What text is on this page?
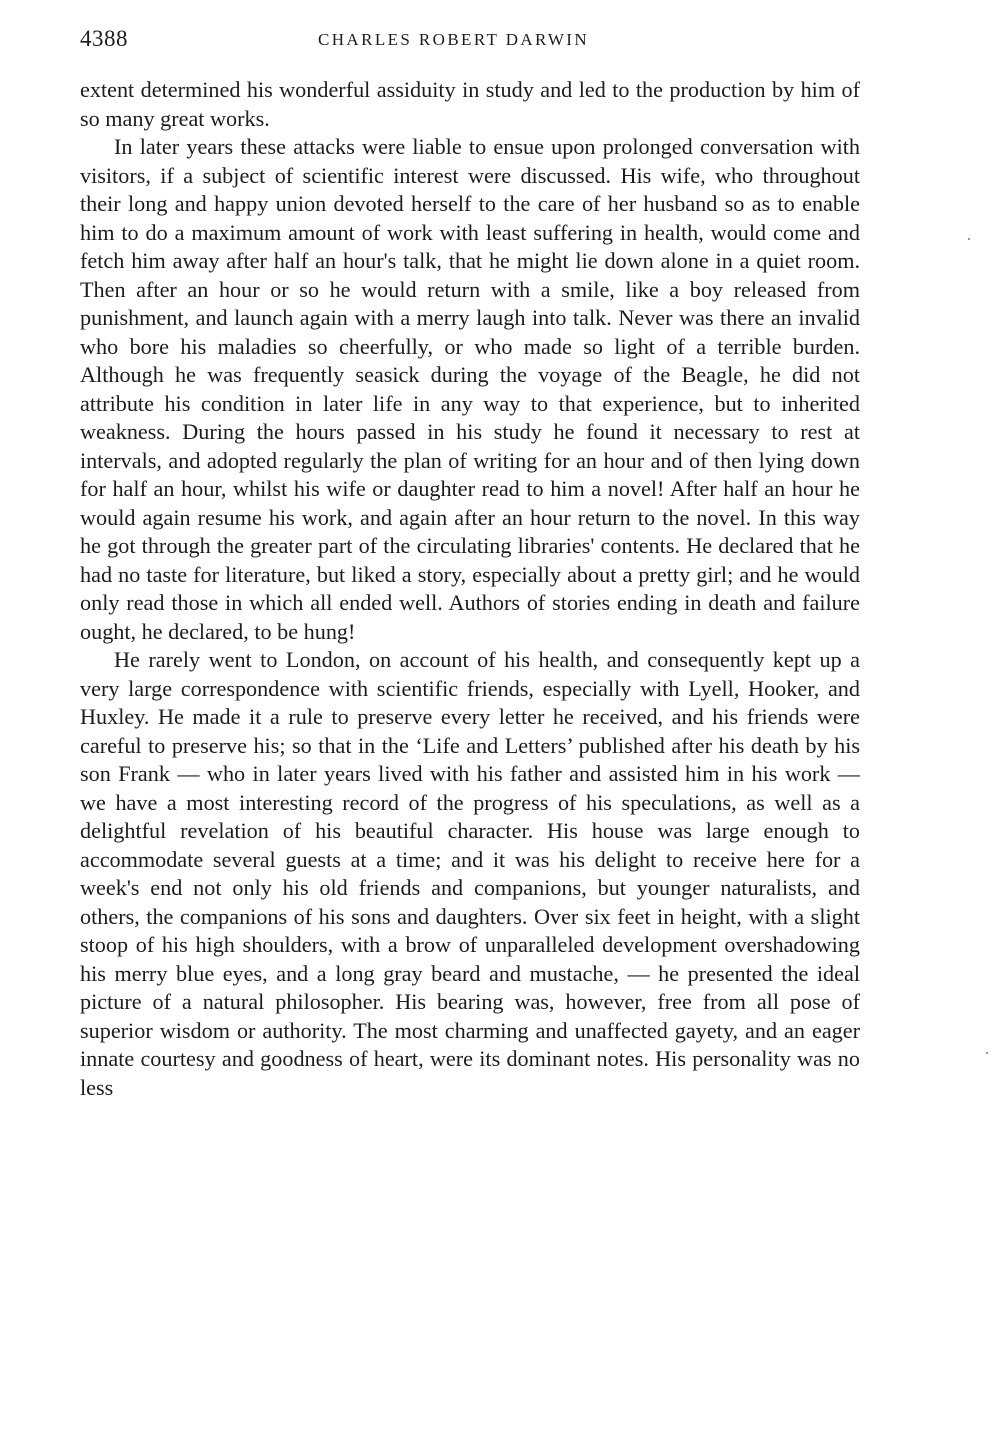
4388	CHARLES ROBERT DARWIN

extent determined his wonderful assiduity in study and led to the production by him of so many great works.

In later years these attacks were liable to ensue upon prolonged conversation with visitors, if a subject of scientific interest were discussed. His wife, who throughout their long and happy union devoted herself to the care of her husband so as to enable him to do a maximum amount of work with least suffering in health, would come and fetch him away after half an hour's talk, that he might lie down alone in a quiet room. Then after an hour or so he would return with a smile, like a boy released from punishment, and launch again with a merry laugh into talk. Never was there an invalid who bore his maladies so cheerfully, or who made so light of a terrible burden. Although he was frequently seasick during the voyage of the Beagle, he did not attribute his condition in later life in any way to that experience, but to inherited weakness. During the hours passed in his study he found it necessary to rest at intervals, and adopted regularly the plan of writing for an hour and of then lying down for half an hour, whilst his wife or daughter read to him a novel! After half an hour he would again resume his work, and again after an hour return to the novel. In this way he got through the greater part of the circulating libraries' contents. He declared that he had no taste for literature, but liked a story, especially about a pretty girl; and he would only read those in which all ended well. Authors of stories ending in death and failure ought, he declared, to be hung!

He rarely went to London, on account of his health, and consequently kept up a very large correspondence with scientific friends, especially with Lyell, Hooker, and Huxley. He made it a rule to preserve every letter he received, and his friends were careful to preserve his; so that in the ‘Life and Letters’ published after his death by his son Frank — who in later years lived with his father and assisted him in his work — we have a most interesting record of the progress of his speculations, as well as a delightful revelation of his beautiful character. His house was large enough to accommodate several guests at a time; and it was his delight to receive here for a week's end not only his old friends and companions, but younger naturalists, and others, the companions of his sons and daughters. Over six feet in height, with a slight stoop of his high shoulders, with a brow of unparalleled development overshadowing his merry blue eyes, and a long gray beard and mustache, — he presented the ideal picture of a natural philosopher. His bearing was, however, free from all pose of superior wisdom or authority. The most charming and unaffected gayety, and an eager innate courtesy and goodness of heart, were its dominant notes. His personality was no less
